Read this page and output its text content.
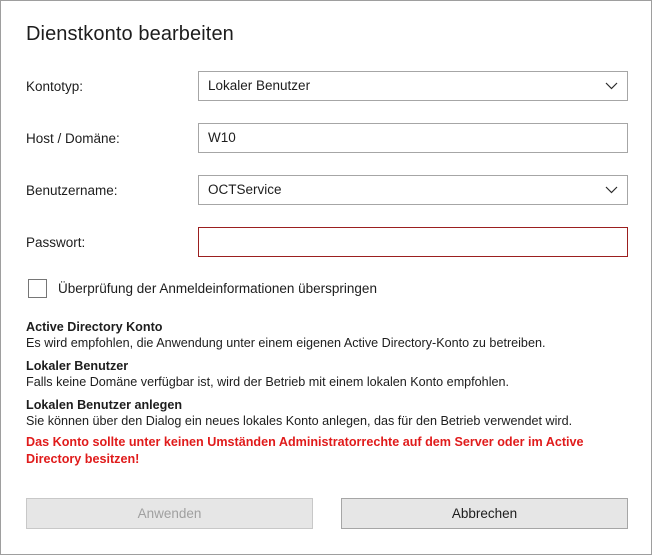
Dienstkonto bearbeiten
Kontotyp:	Lokaler Benutzer
Host / Domäne:	W10
Benutzername:	OCTService
Passwort:
Überprüfung der Anmeldeinformationen überspringen
Active Directory Konto
Es wird empfohlen, die Anwendung unter einem eigenen Active Directory-Konto zu betreiben.
Lokaler Benutzer
Falls keine Domäne verfügbar ist, wird der Betrieb mit einem lokalen Konto empfohlen.
Lokalen Benutzer anlegen
Sie können über den Dialog ein neues lokales Konto anlegen, das für den Betrieb verwendet wird.
Das Konto sollte unter keinen Umständen Administratorrechte auf dem Server oder im Active Directory besitzen!
Anwenden	Abbrechen
